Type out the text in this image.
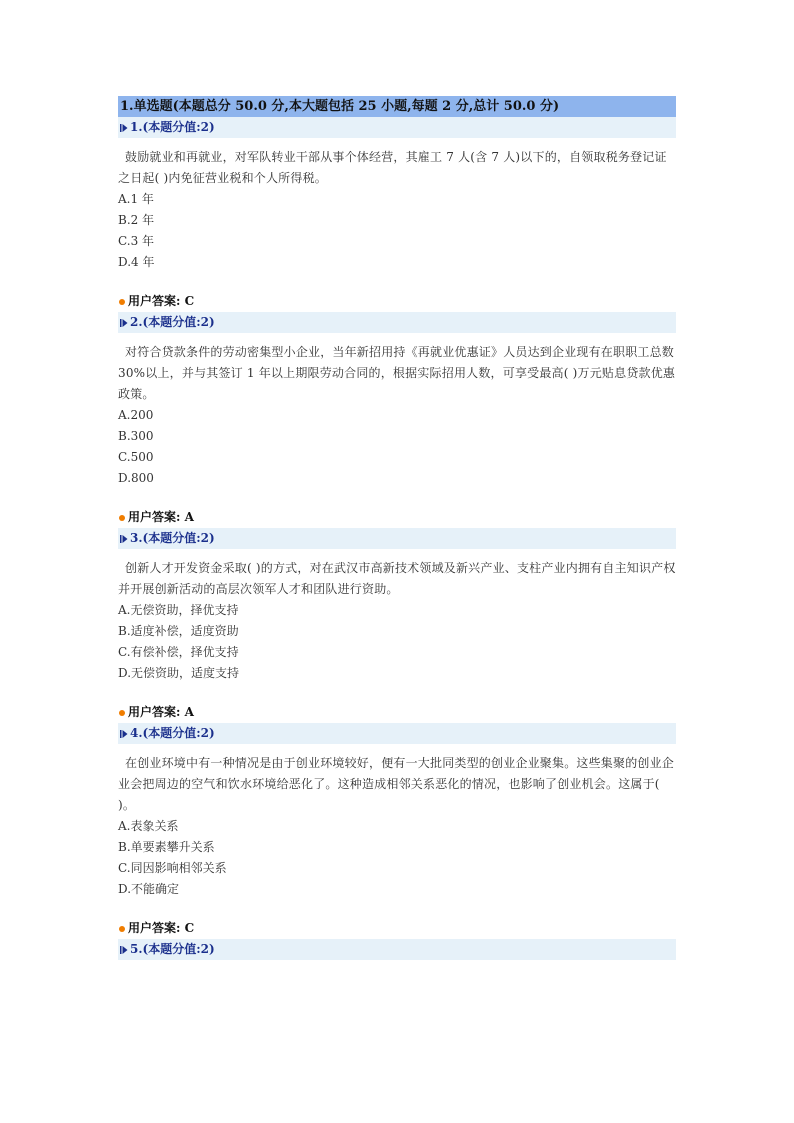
1.单选题(本题总分 50.0 分,本大题包括 25 小题,每题 2 分,总计 50.0 分)
1.(本题分值:2)

鼓励就业和再就业，对军队转业干部从事个体经营，其雇工 7 人(含 7 人)以下的，自领取税务登记证之日起( )内免征营业税和个人所得税。

A.1 年
B.2 年
C.3 年
D.4 年
用户答案:
C
2.(本题分值:2)

对符合贷款条件的劳动密集型小企业，当年新招用持《再就业优惠证》人员达到企业现有在职职工总数 30%以上，并与其签订 1 年以上期限劳动合同的，根据实际招用人数，可享受最高( )万元贴息贷款优惠政策。

A.200
B.300
C.500
D.800
用户答案:
A
3.(本题分值:2)

创新人才开发资金采取( )的方式，对在武汉市高新技术领域及新兴产业、支柱产业内拥有自主知识产权并开展创新活动的高层次领军人才和团队进行资助。

A.无偿资助，择优支持
B.适度补偿，适度资助
C.有偿补偿，择优支持
D.无偿资助，适度支持
用户答案:
A
4.(本题分值:2)

在创业环境中有一种情况是由于创业环境较好，便有一大批同类型的创业企业聚集。这些集聚的创业企业会把周边的空气和饮水环境给恶化了。这种造成相邻关系恶化的情况，也影响了创业机会。这属于( )。

A.表象关系
B.单要素攀升关系
C.同因影响相邻关系
D.不能确定
用户答案:
C
5.(本题分值:2)
